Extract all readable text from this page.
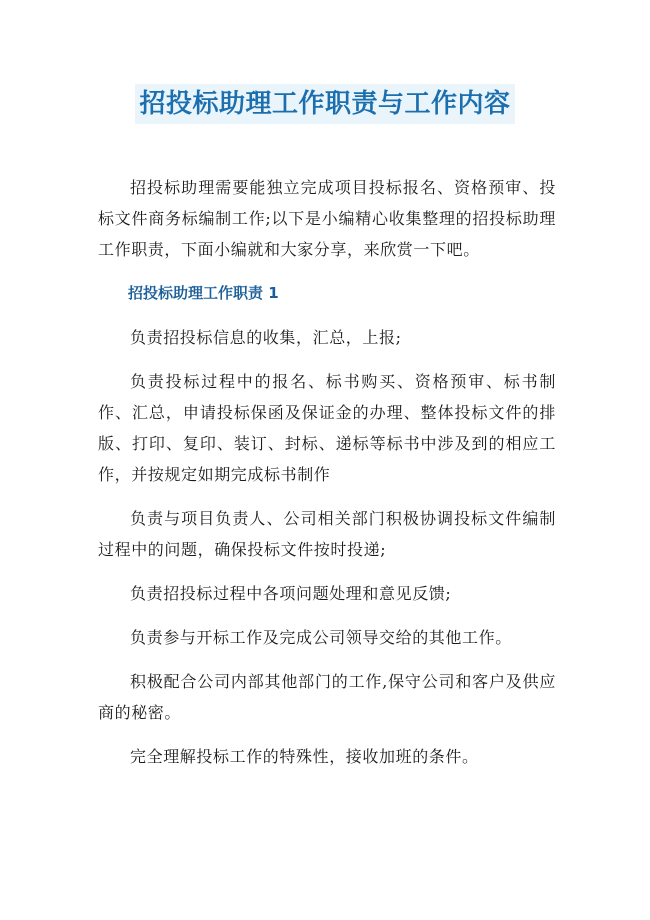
招投标助理工作职责与工作内容

招投标助理需要能独立完成项目投标报名、资格预审、投标文件商务标编制工作;以下是小编精心收集整理的招投标助理工作职责，下面小编就和大家分享，来欣赏一下吧。

招投标助理工作职责 1

负责招投标信息的收集，汇总，上报;

负责投标过程中的报名、标书购买、资格预审、标书制作、汇总，申请投标保函及保证金的办理、整体投标文件的排版、打印、复印、装订、封标、递标等标书中涉及到的相应工作，并按规定如期完成标书制作

负责与项目负责人、公司相关部门积极协调投标文件编制过程中的问题，确保投标文件按时投递;

负责招投标过程中各项问题处理和意见反馈;

负责参与开标工作及完成公司领导交给的其他工作。

积极配合公司内部其他部门的工作,保守公司和客户及供应商的秘密。

完全理解投标工作的特殊性，接收加班的条件。
